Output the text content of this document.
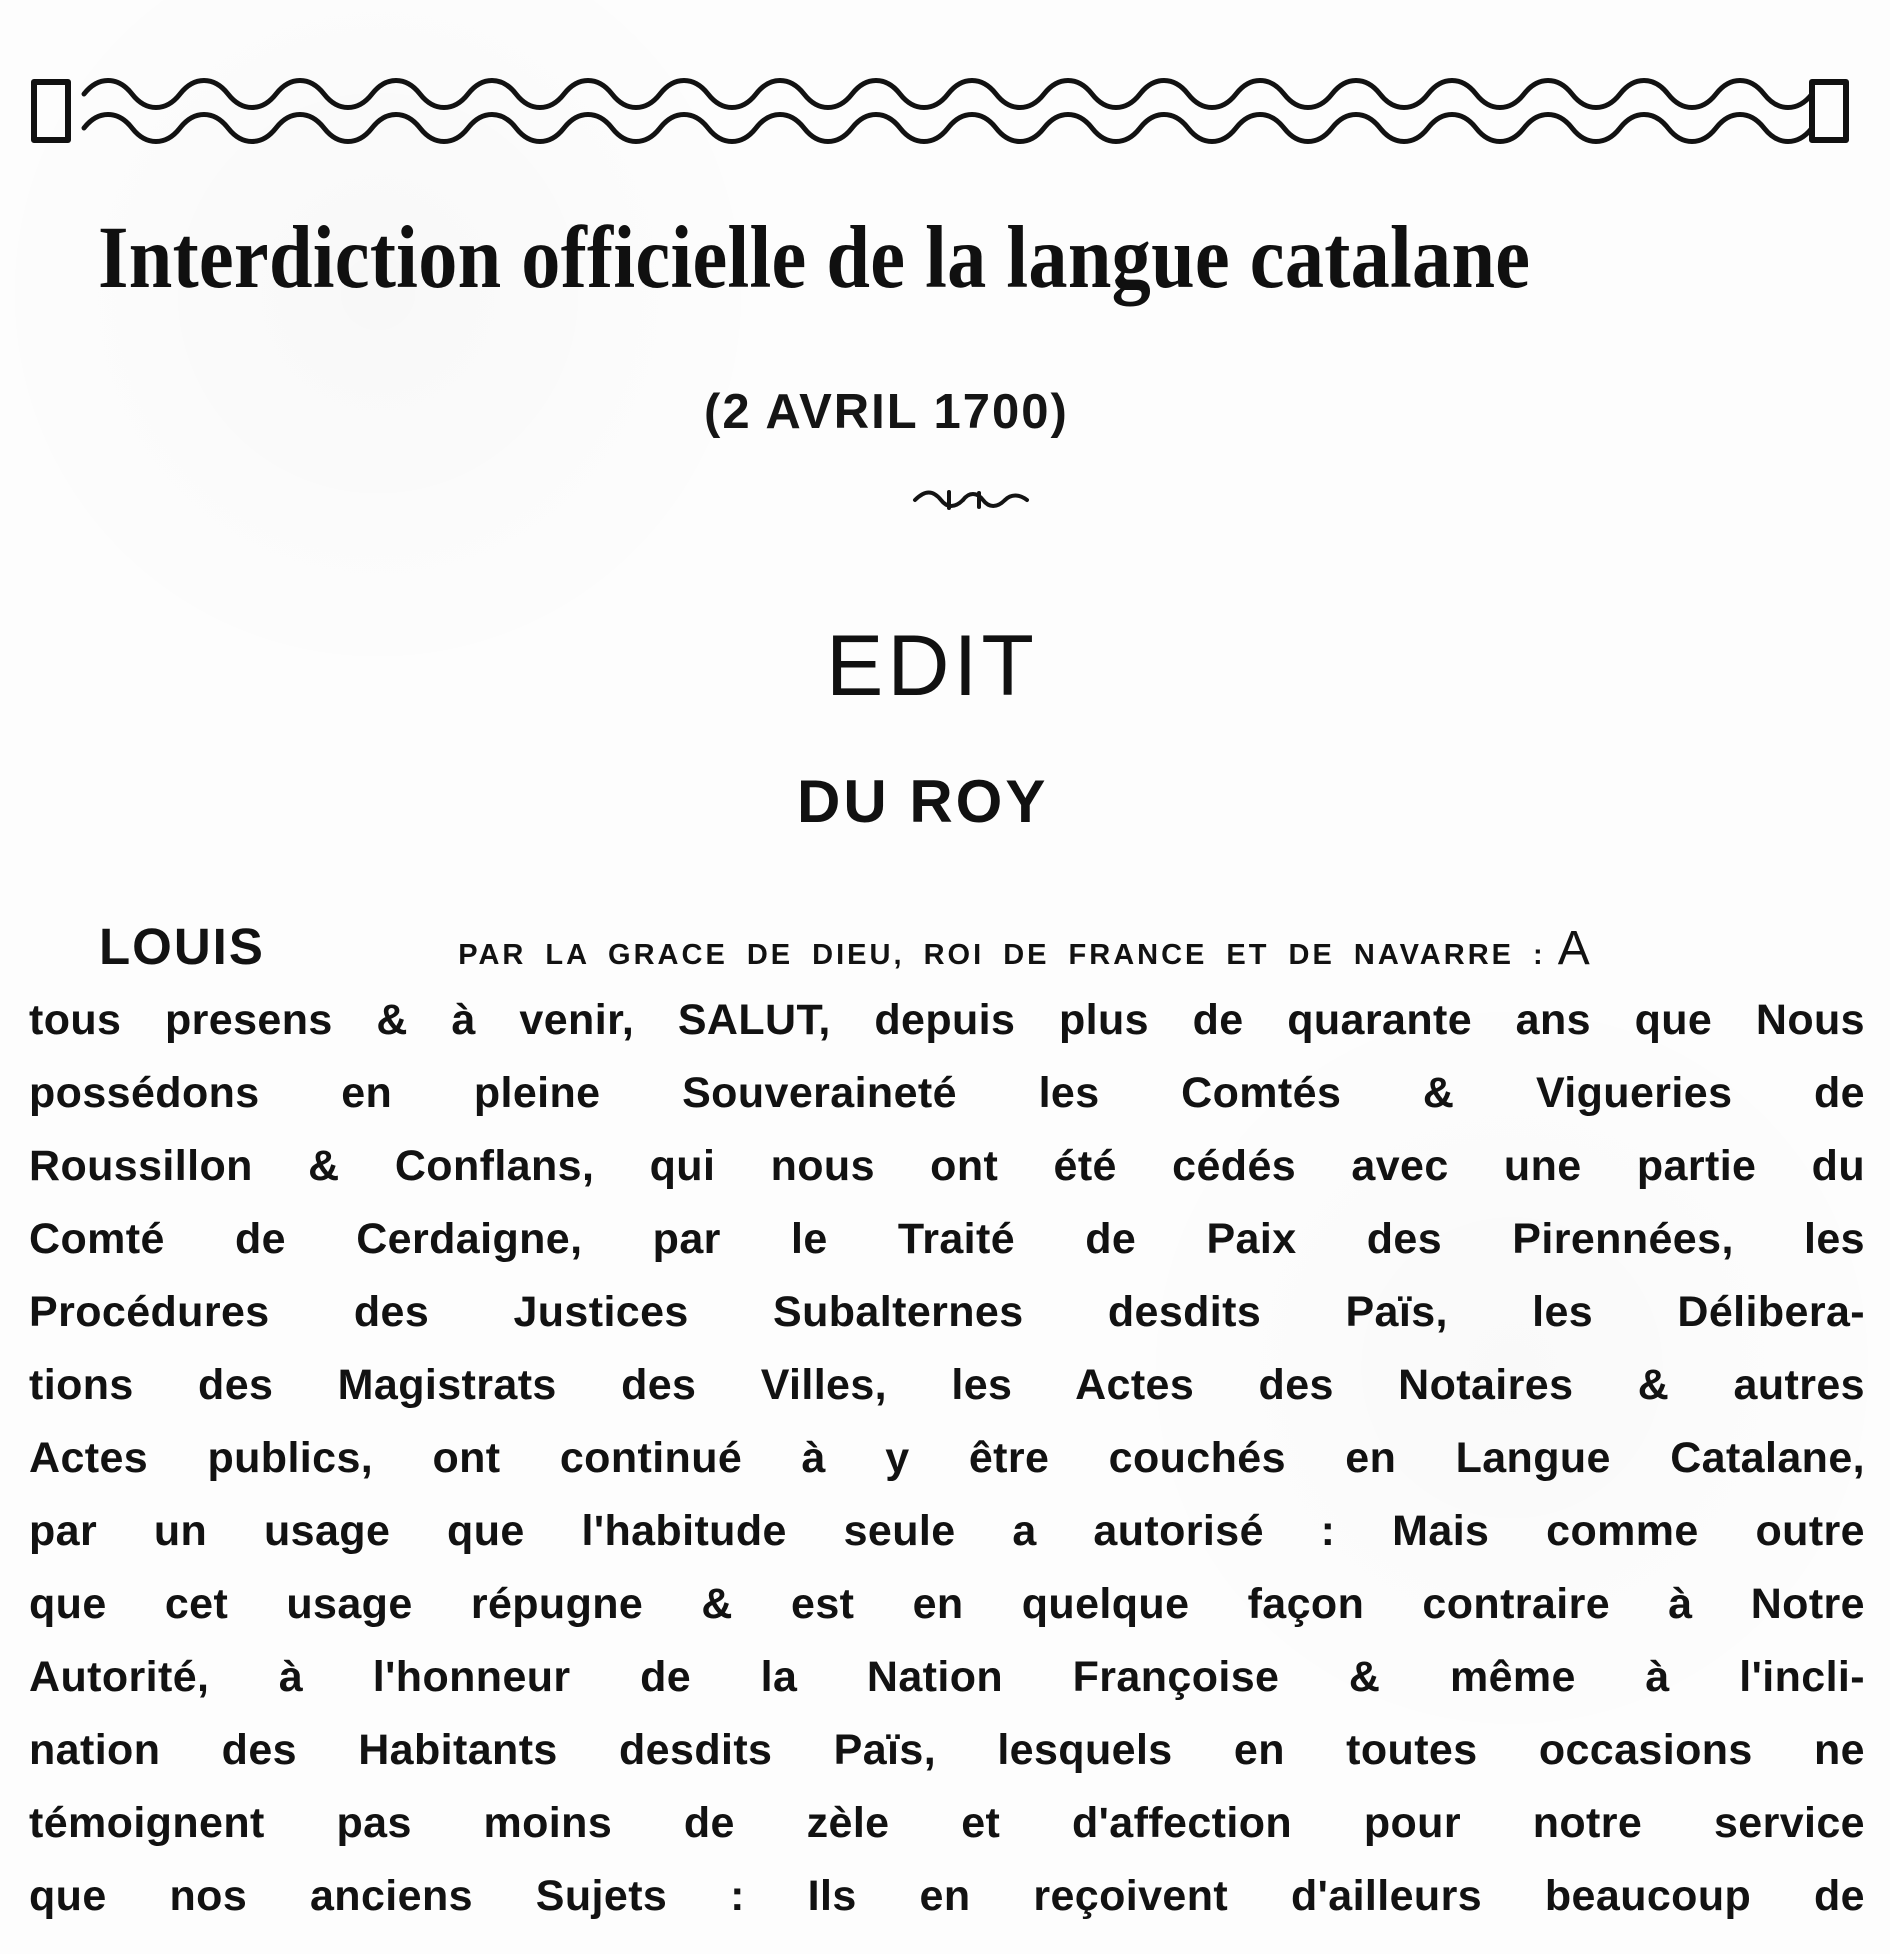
Interdiction officielle de la langue catalane
(2 AVRIL 1700)
EDIT
DU ROY
LOUIS	PAR LA GRACE DE DIEU, ROI DE FRANCE ET DE NAVARRE : A
tous presens & à venir, SALUT, depuis plus de quarante ans que Nous
possédons en pleine Souveraineté les Comtés & Vigueries de
Roussillon & Conflans, qui nous ont été cédés avec une partie du
Comté de Cerdaigne, par le Traité de Paix des Pirennées, les
Procédures des Justices Subalternes desdits Païs, les Délibera-
tions des Magistrats des Villes, les Actes des Notaires & autres
Actes publics, ont continué à y être couchés en Langue Catalane,
par un usage que l'habitude seule a autorisé : Mais comme outre
que cet usage répugne & est en quelque façon contraire à Notre
Autorité, à l'honneur de la Nation Françoise & même à l'incli-
nation des Habitants desdits Païs, lesquels en toutes occasions ne
témoignent pas moins de zèle et d'affection pour notre service
que nos anciens Sujets : Ils en reçoivent d'ailleurs beaucoup de
